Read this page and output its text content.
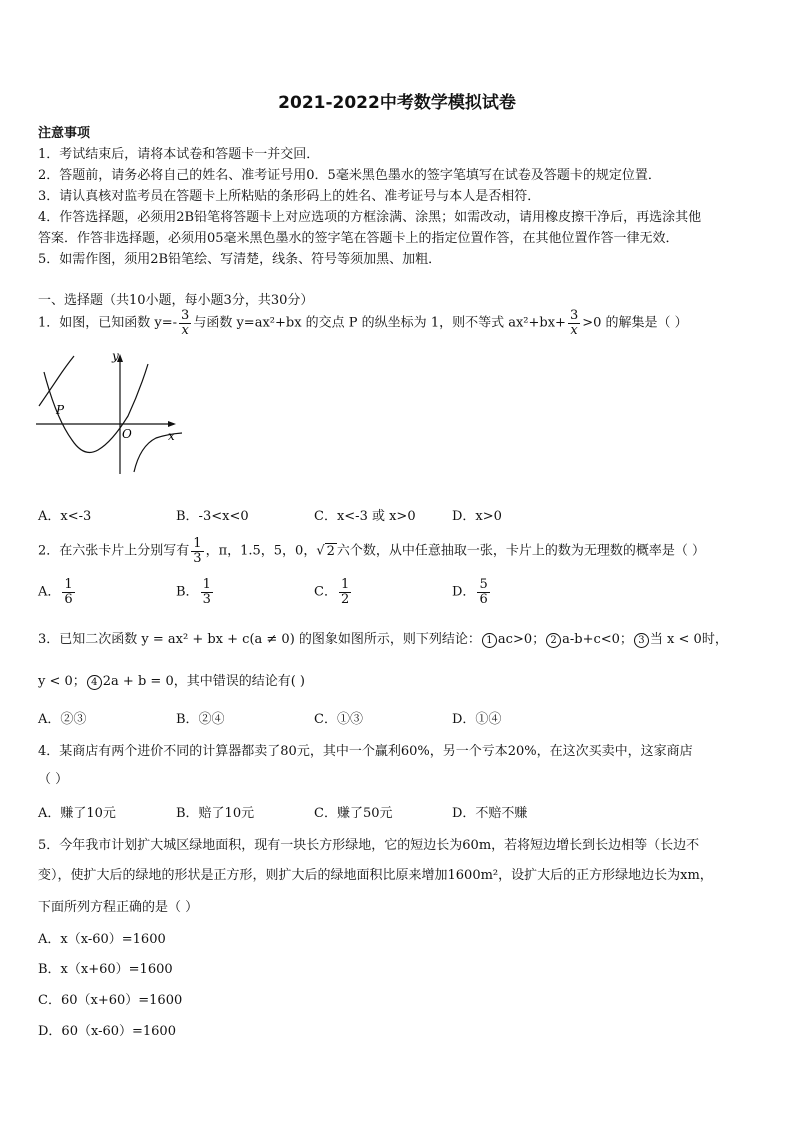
2021-2022中考数学模拟试卷
注意事项
1．考试结束后，请将本试卷和答题卡一并交回．
2．答题前，请务必将自己的姓名、准考证号用0．5毫米黑色墨水的签字笔填写在试卷及答题卡的规定位置．
3．请认真核对监考员在答题卡上所粘贴的条形码上的姓名、准考证号与本人是否相符．
4．作答选择题，必须用2B铅笔将答题卡上对应选项的方框涂满、涂黑；如需改动，请用橡皮擦干净后，再选涂其他
答案．作答非选择题，必须用05毫米黑色墨水的签字笔在答题卡上的指定位置作答，在其他位置作答一律无效．
5．如需作图，须用2B铅笔绘、写清楚，线条、符号等须加黑、加粗．
一、选择题（共10小题，每小题3分，共30分）
1．如图，已知函数 $y=- \frac{3}{x}$ 与函数 y=ax²+bx 的交点 P 的纵坐标为 1，则不等式 $ax^2+bx+ \frac{3}{x} >0$ 的解集是（ ）
y
x
O
P
A．x<-3	B．-3<x<0	C．x<-3 或 x>0	D．x>0
2．在六张卡片上分别写有 $\frac{1}{3}$ ，π，1.5，5，0，√ 2 六个数，从中任意抽取一张，卡片上的数为无理数的概率是（ ）
A． $\frac{1}{6}$	B． $\frac{1}{3}$	C． $\frac{1}{2}$	D． $\frac{5}{6}$
3．已知二次函数 y = ax² + bx + c(a ≠ 0) 的图象如图所示，则下列结论： 1 ac>0； 2 a-b+c<0； 3 当 x < 0时，
y < 0； 4 2a + b = 0，其中错误的结论有( )
A．②③	B．②④	C．①③	D．①④
4．某商店有两个进价不同的计算器都卖了80元，其中一个赢利60%，另一个亏本20%，在这次买卖中，这家商店
（ ）
A．赚了10元	B．赔了10元	C．赚了50元	D．不赔不赚
5．今年我市计划扩大城区绿地面积，现有一块长方形绿地，它的短边长为60m，若将短边增长到长边相等（长边不
变），使扩大后的绿地的形状是正方形，则扩大后的绿地面积比原来增加1600m²，设扩大后的正方形绿地边长为xm，
下面所列方程正确的是（ ）
A．x（x-60）=1600
B．x（x+60）=1600
C．60（x+60）=1600
D．60（x-60）=1600
